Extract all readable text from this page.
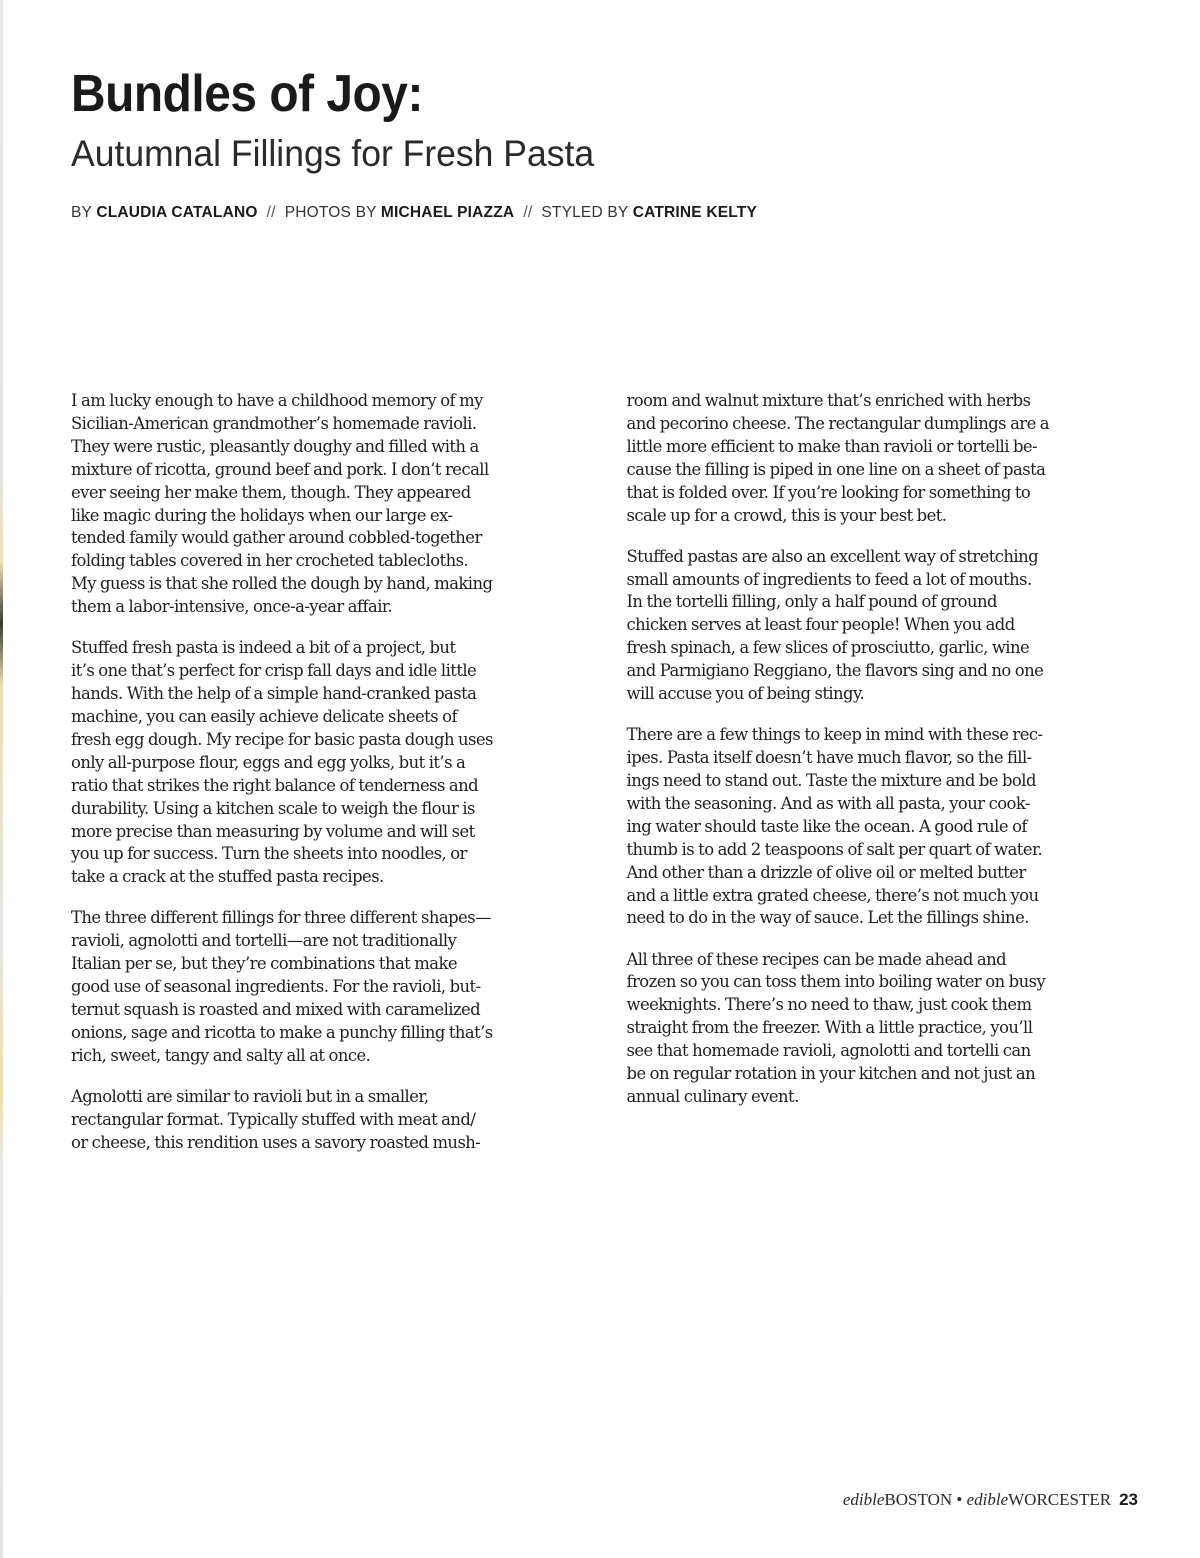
Bundles of Joy:
Autumnal Fillings for Fresh Pasta
BY CLAUDIA CATALANO // PHOTOS BY MICHAEL PIAZZA // STYLED BY CATRINE KELTY

I am lucky enough to have a childhood memory of my
Sicilian-American grandmother’s homemade ravioli.
They were rustic, pleasantly doughy and filled with a
mixture of ricotta, ground beef and pork. I don’t recall
ever seeing her make them, though. They appeared
like magic during the holidays when our large ex-
tended family would gather around cobbled-together
folding tables covered in her crocheted tablecloths.
My guess is that she rolled the dough by hand, making
them a labor-intensive, once-a-year affair.

Stuffed fresh pasta is indeed a bit of a project, but
it’s one that’s perfect for crisp fall days and idle little
hands. With the help of a simple hand-cranked pasta
machine, you can easily achieve delicate sheets of
fresh egg dough. My recipe for basic pasta dough uses
only all-purpose flour, eggs and egg yolks, but it’s a
ratio that strikes the right balance of tenderness and
durability. Using a kitchen scale to weigh the flour is
more precise than measuring by volume and will set
you up for success. Turn the sheets into noodles, or
take a crack at the stuffed pasta recipes.

The three different fillings for three different shapes—
ravioli, agnolotti and tortelli—are not traditionally
Italian per se, but they’re combinations that make
good use of seasonal ingredients. For the ravioli, but-
ternut squash is roasted and mixed with caramelized
onions, sage and ricotta to make a punchy filling that’s
rich, sweet, tangy and salty all at once.

Agnolotti are similar to ravioli but in a smaller,
rectangular format. Typically stuffed with meat and/
or cheese, this rendition uses a savory roasted mush-
room and walnut mixture that’s enriched with herbs
and pecorino cheese. The rectangular dumplings are a
little more efficient to make than ravioli or tortelli be-
cause the filling is piped in one line on a sheet of pasta
that is folded over. If you’re looking for something to
scale up for a crowd, this is your best bet.

Stuffed pastas are also an excellent way of stretching
small amounts of ingredients to feed a lot of mouths.
In the tortelli filling, only a half pound of ground
chicken serves at least four people! When you add
fresh spinach, a few slices of prosciutto, garlic, wine
and Parmigiano Reggiano, the flavors sing and no one
will accuse you of being stingy.

There are a few things to keep in mind with these rec-
ipes. Pasta itself doesn’t have much flavor, so the fill-
ings need to stand out. Taste the mixture and be bold
with the seasoning. And as with all pasta, your cook-
ing water should taste like the ocean. A good rule of
thumb is to add 2 teaspoons of salt per quart of water.
And other than a drizzle of olive oil or melted butter
and a little extra grated cheese, there’s not much you
need to do in the way of sauce. Let the fillings shine.

All three of these recipes can be made ahead and
frozen so you can toss them into boiling water on busy
weeknights. There’s no need to thaw, just cook them
straight from the freezer. With a little practice, you’ll
see that homemade ravioli, agnolotti and tortelli can
be on regular rotation in your kitchen and not just an
annual culinary event.

edibleBOSTON • edibleWORCESTER 23
